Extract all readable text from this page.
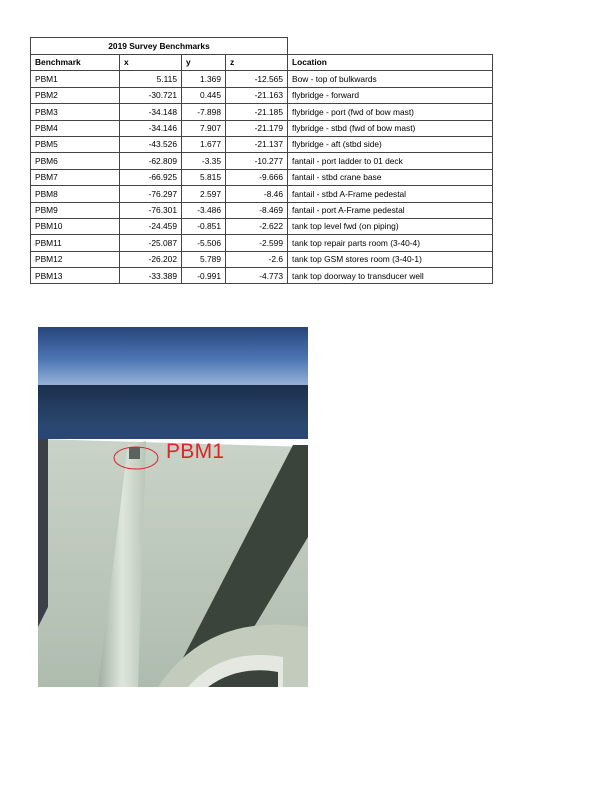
2019 Survey Benchmarks				
Benchmark	x	y	z	Location
PBM1	5.115	1.369	-12.565	Bow - top of bulkwards
PBM2	-30.721	0.445	-21.163	flybridge - forward
PBM3	-34.148	-7.898	-21.185	flybridge - port (fwd of bow mast)
PBM4	-34.146	7.907	-21.179	flybridge - stbd (fwd of bow mast)
PBM5	-43.526	1.677	-21.137	flybridge - aft (stbd side)
PBM6	-62.809	-3.35	-10.277	fantail - port ladder to 01 deck
PBM7	-66.925	5.815	-9.666	fantail - stbd crane base
PBM8	-76.297	2.597	-8.46	fantail - stbd A-Frame pedestal
PBM9	-76.301	-3.486	-8.469	fantail - port A-Frame pedestal
PBM10	-24.459	-0.851	-2.622	tank top level fwd (on piping)
PBM11	-25.087	-5.506	-2.599	tank top repair parts room (3-40-4)
PBM12	-26.202	5.789	-2.6	tank top GSM stores room (3-40-1)
PBM13	-33.389	-0.991	-4.773	tank top doorway to transducer well
PBM1
